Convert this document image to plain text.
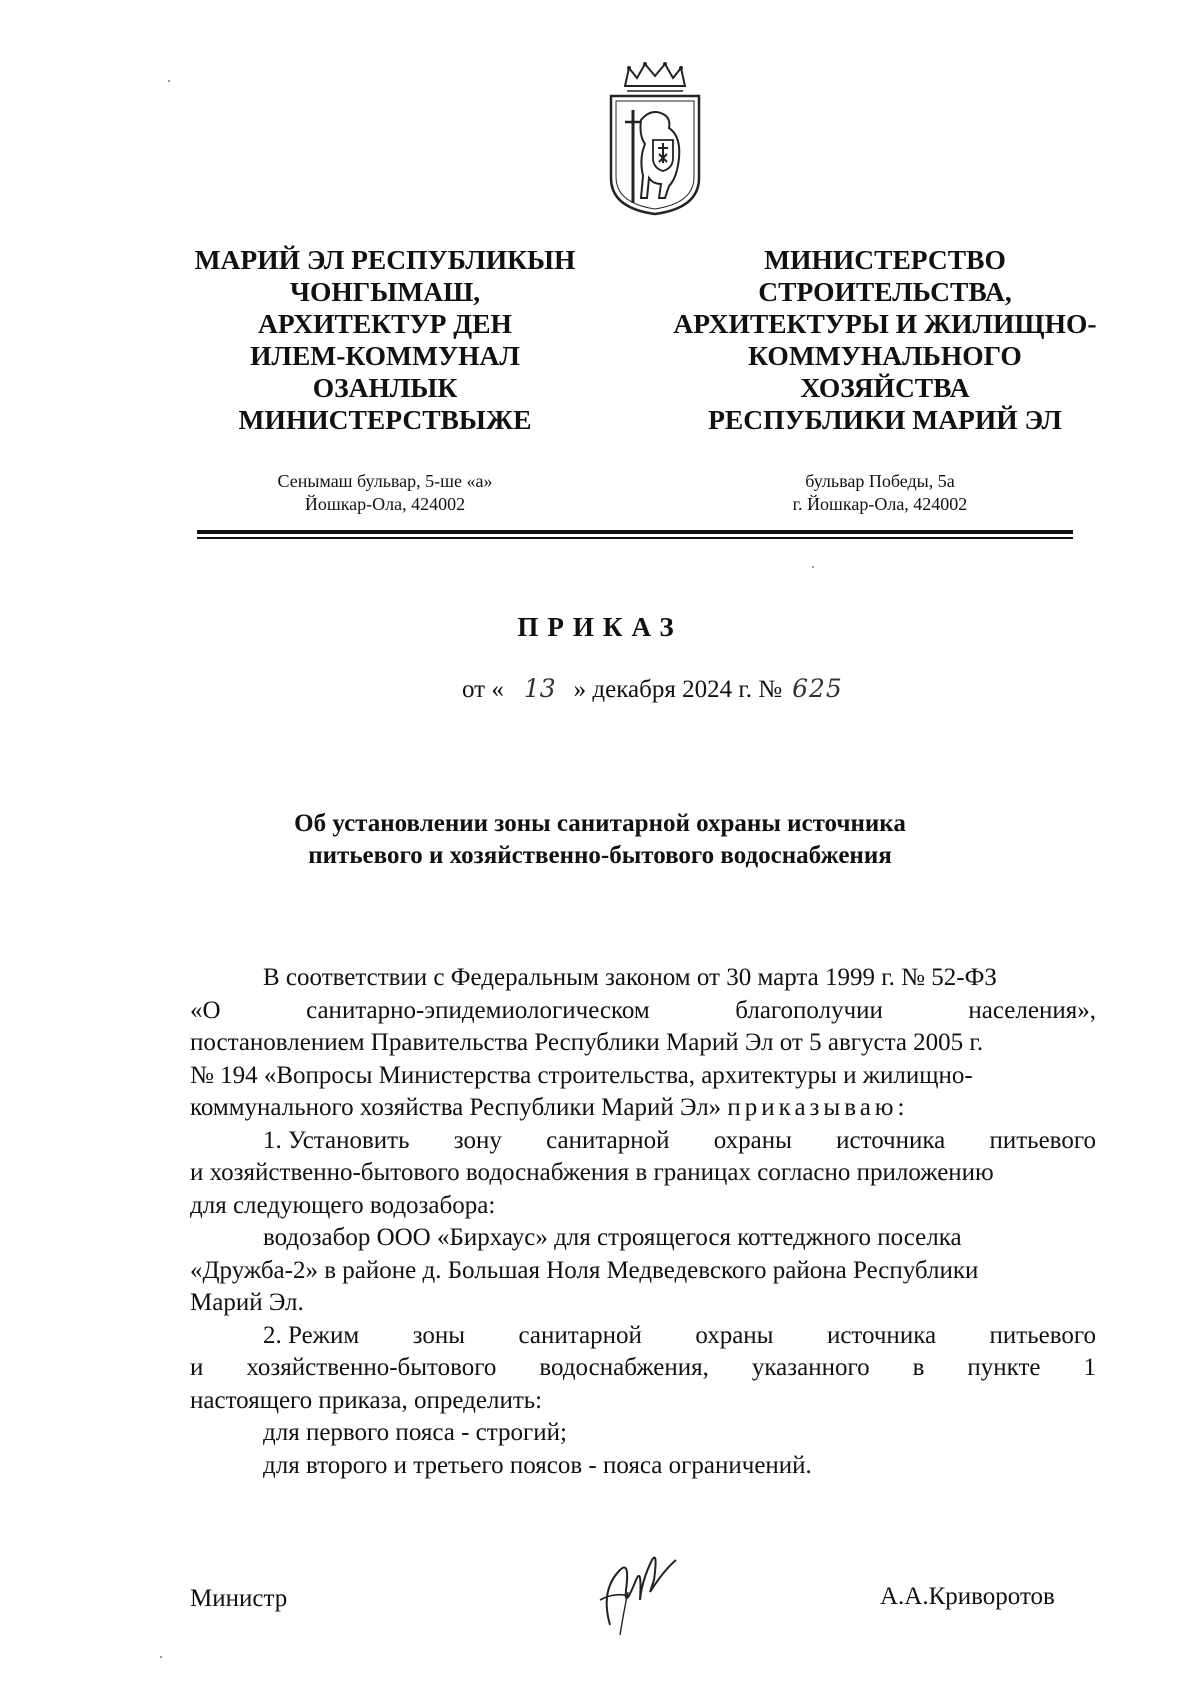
МАРИЙ ЭЛ РЕСПУБЛИКЫН
ЧОНГЫМАШ,
АРХИТЕКТУР ДЕН
ИЛЕМ-КОММУНАЛ
ОЗАНЛЫК
МИНИСТЕРСТВЫЖЕ
МИНИСТЕРСТВО
СТРОИТЕЛЬСТВА,
АРХИТЕКТУРЫ И ЖИЛИЩНО-
КОММУНАЛЬНОГО
ХОЗЯЙСТВА
РЕСПУБЛИКИ МАРИЙ ЭЛ
Сенымаш бульвар, 5-ше «а»
Йошкар-Ола, 424002
бульвар Победы, 5а
г. Йошкар-Ола, 424002
ПРИКАЗ
от « 13 » декабря 2024 г. № 625
Об установлении зоны санитарной охраны источника
питьевого и хозяйственно-бытового водоснабжения
В соответствии с Федеральным законом от 30 марта 1999 г. № 52-ФЗ
«О	санитарно-эпидемиологическом	благополучии	населения»,
постановлением Правительства Республики Марий Эл от 5 августа 2005 г.
№ 194 «Вопросы Министерства строительства, архитектуры и жилищно-
коммунального хозяйства Республики Марий Эл» приказываю:
1. Установить зону санитарной охраны источника питьевого
и хозяйственно-бытового водоснабжения в границах согласно приложению
для следующего водозабора:
водозабор ООО «Бирхаус» для строящегося коттеджного поселка
«Дружба-2» в районе д. Большая Ноля Медведевского района Республики
Марий Эл.
2. Режим зоны санитарной охраны источника питьевого
и хозяйственно-бытового водоснабжения, указанного в пункте 1
настоящего приказа, определить:
для первого пояса - строгий;
для второго и третьего поясов - пояса ограничений.
Министр	А.А.Криворотов
